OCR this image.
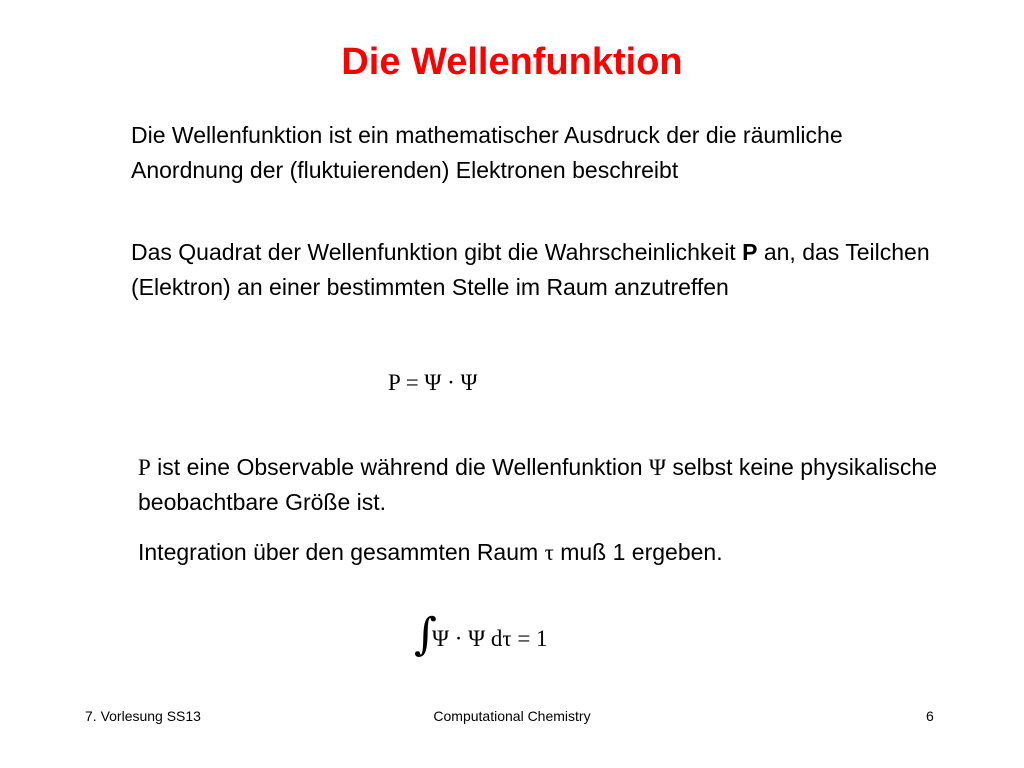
Die Wellenfunktion

Die Wellenfunktion ist ein mathematischer Ausdruck der die räumliche Anordnung der (fluktuierenden) Elektronen beschreibt

Das Quadrat der Wellenfunktion gibt die Wahrscheinlichkeit P an, das Teilchen (Elektron) an einer bestimmten Stelle im Raum anzutreffen

P = Ψ · Ψ

P ist eine Observable während die Wellenfunktion Ψ selbst keine physikalische beobachtbare Größe ist.

Integration über den gesammten Raum τ muß 1 ergeben.

∫
Ψ · Ψ dτ = 1
7. Vorlesung SS13	Computational Chemistry	6
